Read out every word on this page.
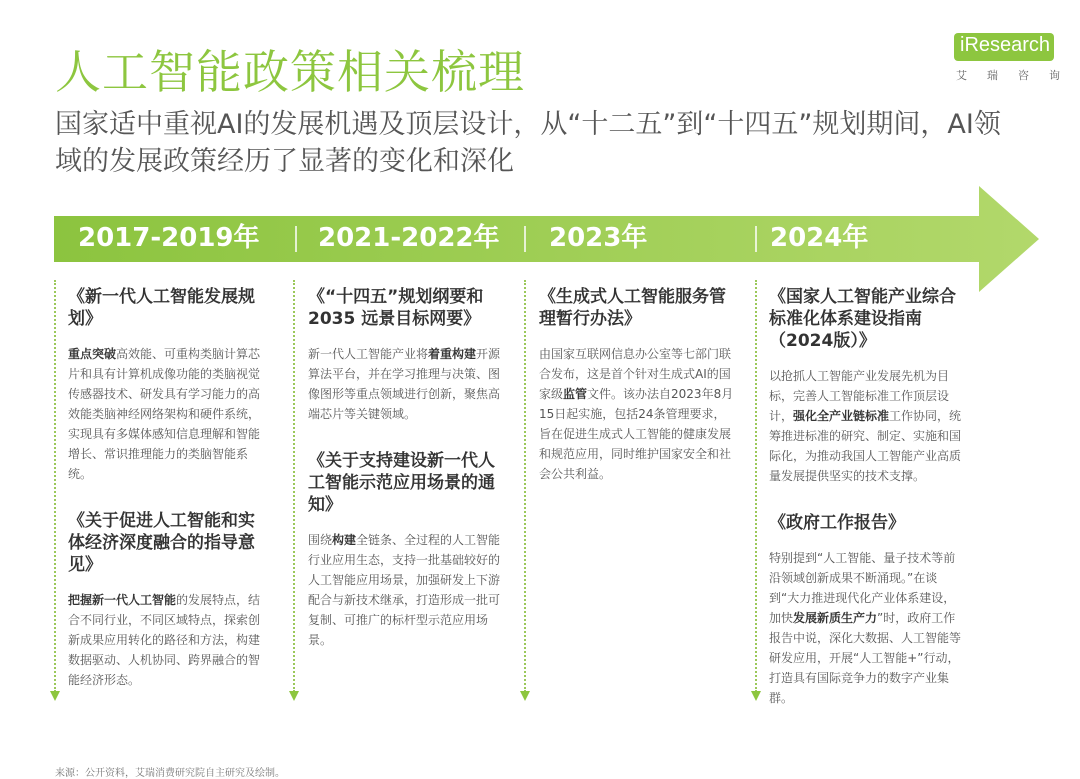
人工智能政策相关梳理

国家适中重视AI的发展机遇及顶层设计，从“十二五”到“十四五”规划期间，AI领域的发展政策经历了显著的变化和深化

iResearch
艾 瑞 咨 询
2017-2019年 2021-2022年 2023年	2024年
《新一代人工智能发展规划》

重点突破高效能、可重构类脑计算芯片和具有计算机成像功能的类脑视觉传感器技术、研发具有学习能力的高效能类脑神经网络架构和硬件系统，实现具有多媒体感知信息理解和智能增长、常识推理能力的类脑智能系统。

《关于促进人工智能和实体经济深度融合的指导意见》

把握新一代人工智能的发展特点，结合不同行业，不同区域特点，探索创新成果应用转化的路径和方法，构建数据驱动、人机协同、跨界融合的智能经济形态。

《“十四五”规划纲要和2035 远景目标网要》

新一代人工智能产业将着重构建开源算法平台，并在学习推理与决策、图像图形等重点领域进行创新，聚焦高端芯片等关键领域。

《关于支持建设新一代人工智能示范应用场景的通知》

围绕构建全链条、全过程的人工智能行业应用生态，支持一批基础较好的人工智能应用场景，加强研发上下游配合与新技术继承，打造形成一批可复制、可推广的标杆型示范应用场景。

《生成式人工智能服务管理暂行办法》

由国家互联网信息办公室等七部门联合发布，这是首个针对生成式AI的国家级监管文件。该办法自2023年8月15日起实施，包括24条管理要求，旨在促进生成式人工智能的健康发展和规范应用，同时维护国家安全和社会公共利益。

《国家人工智能产业综合标准化体系建设指南（2024版）》

以抢抓人工智能产业发展先机为目标，完善人工智能标准工作顶层设计，强化全产业链标准工作协同，统筹推进标准的研究、制定、实施和国际化，为推动我国人工智能产业高质量发展提供坚实的技术支撑。

《政府工作报告》

特别提到“人工智能、量子技术等前沿领域创新成果不断涌现。”在谈到“大力推进现代化产业体系建设，加快发展新质生产力”时，政府工作报告中说，深化大数据、人工智能等研发应用，开展“人工智能+”行动，打造具有国际竞争力的数字产业集群。

来源：公开资料，艾瑞消费研究院自主研究及绘制。
